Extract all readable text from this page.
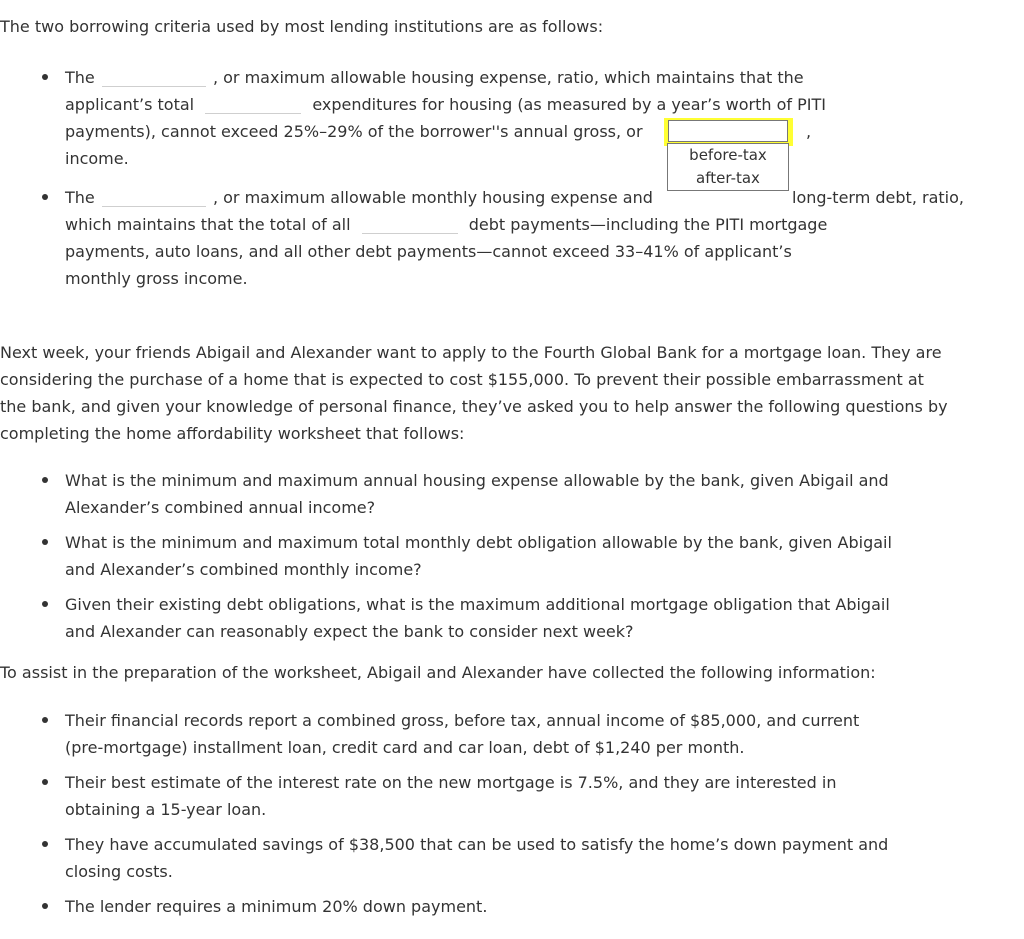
The two borrowing criteria used by most lending institutions are as follows:
The	, or maximum allowable housing expense, ratio, which maintains that the
applicant’s total	expenditures for housing (as measured by a year’s worth of PITI
payments), cannot exceed 25%–29% of the borrower''s annual gross, or	,
before-tax
after-tax
income.
The	, or maximum allowable monthly housing expense and	long-term debt, ratio,
which maintains that the total of all	debt payments—including the PITI mortgage
payments, auto loans, and all other debt payments—cannot exceed 33–41% of applicant’s
monthly gross income.
Next week, your friends Abigail and Alexander want to apply to the Fourth Global Bank for a mortgage loan. They are
considering the purchase of a home that is expected to cost $155,000. To prevent their possible embarrassment at
the bank, and given your knowledge of personal finance, they’ve asked you to help answer the following questions by
completing the home affordability worksheet that follows:
What is the minimum and maximum annual housing expense allowable by the bank, given Abigail and
Alexander’s combined annual income?
What is the minimum and maximum total monthly debt obligation allowable by the bank, given Abigail
and Alexander’s combined monthly income?
Given their existing debt obligations, what is the maximum additional mortgage obligation that Abigail
and Alexander can reasonably expect the bank to consider next week?
To assist in the preparation of the worksheet, Abigail and Alexander have collected the following information:
Their financial records report a combined gross, before tax, annual income of $85,000, and current
(pre-mortgage) installment loan, credit card and car loan, debt of $1,240 per month.
Their best estimate of the interest rate on the new mortgage is 7.5%, and they are interested in
obtaining a 15-year loan.
They have accumulated savings of $38,500 that can be used to satisfy the home’s down payment and
closing costs.
The lender requires a minimum 20% down payment.
